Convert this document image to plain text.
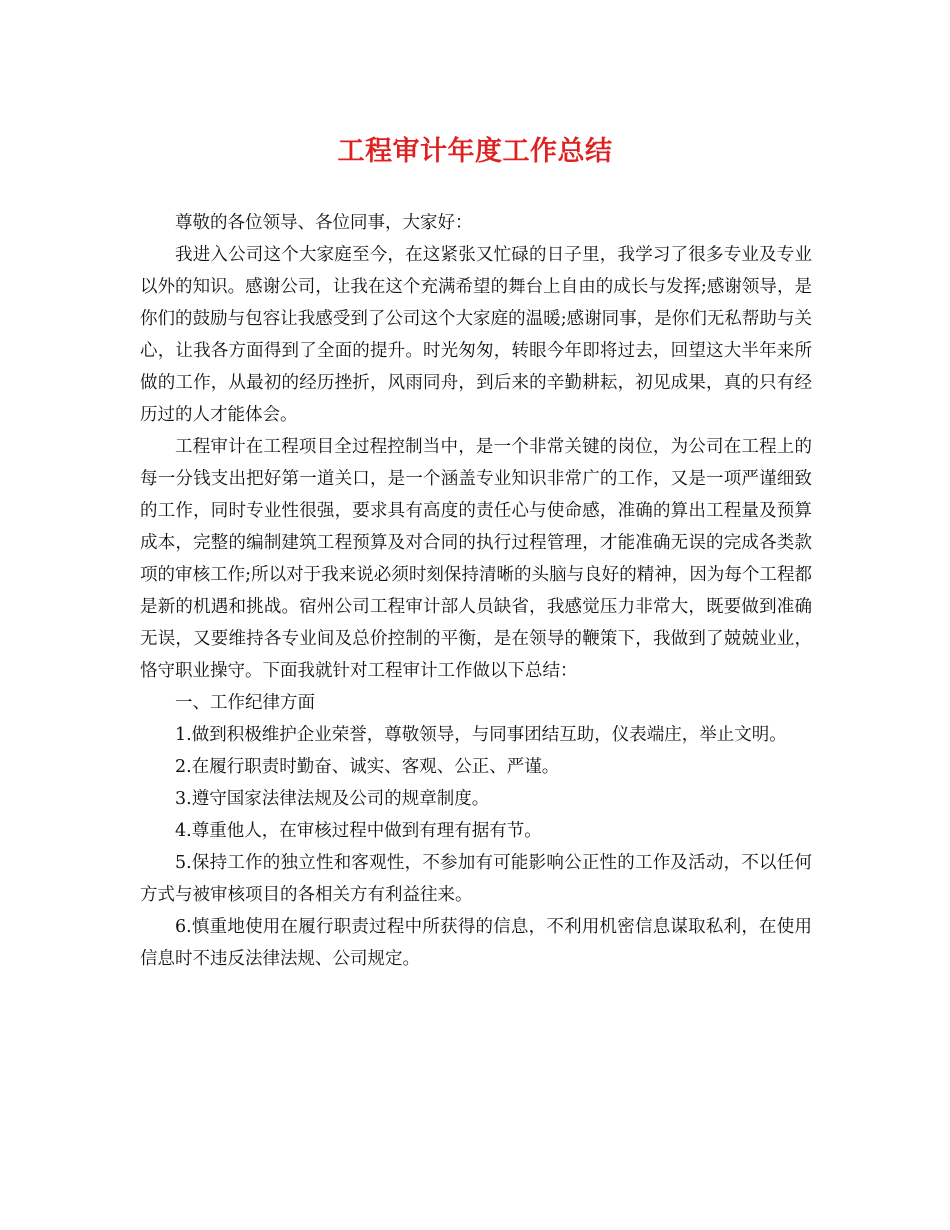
工程审计年度工作总结

尊敬的各位领导、各位同事，大家好：

我进入公司这个大家庭至今，在这紧张又忙碌的日子里，我学习了很多专业及专业以外的知识。感谢公司，让我在这个充满希望的舞台上自由的成长与发挥;感谢领导，是你们的鼓励与包容让我感受到了公司这个大家庭的温暖;感谢同事，是你们无私帮助与关心，让我各方面得到了全面的提升。时光匆匆，转眼今年即将过去，回望这大半年来所做的工作，从最初的经历挫折，风雨同舟，到后来的辛勤耕耘，初见成果，真的只有经历过的人才能体会。

工程审计在工程项目全过程控制当中，是一个非常关键的岗位，为公司在工程上的每一分钱支出把好第一道关口，是一个涵盖专业知识非常广的工作，又是一项严谨细致的工作，同时专业性很强，要求具有高度的责任心与使命感，准确的算出工程量及预算成本，完整的编制建筑工程预算及对合同的执行过程管理，才能准确无误的完成各类款项的审核工作;所以对于我来说必须时刻保持清晰的头脑与良好的精神，因为每个工程都是新的机遇和挑战。宿州公司工程审计部人员缺省，我感觉压力非常大，既要做到准确无误，又要维持各专业间及总价控制的平衡，是在领导的鞭策下，我做到了兢兢业业，恪守职业操守。下面我就针对工程审计工作做以下总结：

一、工作纪律方面

1.做到积极维护企业荣誉，尊敬领导，与同事团结互助，仪表端庄，举止文明。

2.在履行职责时勤奋、诚实、客观、公正、严谨。

3.遵守国家法律法规及公司的规章制度。

4.尊重他人，在审核过程中做到有理有据有节。

5.保持工作的独立性和客观性，不参加有可能影响公正性的工作及活动，不以任何方式与被审核项目的各相关方有利益往来。

6.慎重地使用在履行职责过程中所获得的信息，不利用机密信息谋取私利，在使用信息时不违反法律法规、公司规定。
